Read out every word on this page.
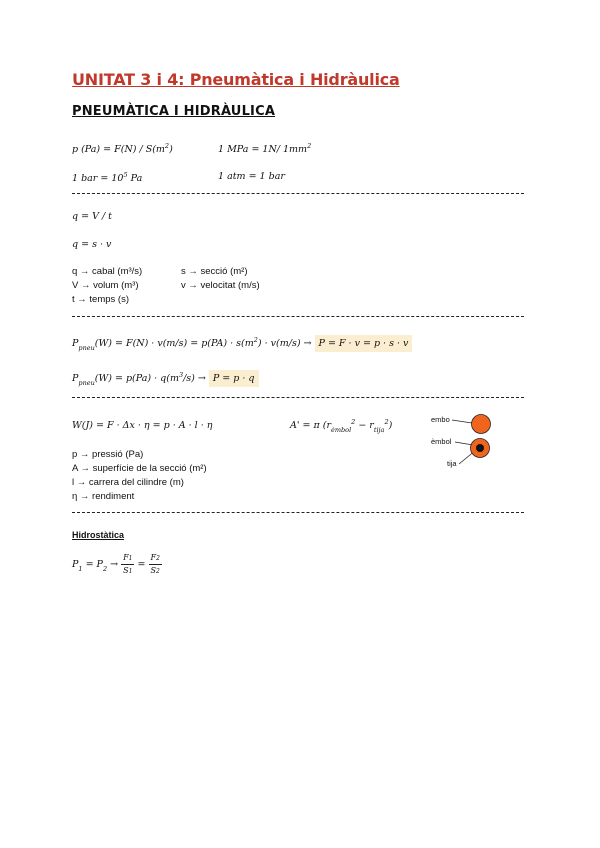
UNITAT 3 i 4: Pneumàtica i Hidràulica
PNEUMÀTICA I HIDRÀULICA
p $(Pa) = F(N) / S(m^2)$	1 MPa = 1N/ $1mm^2$
1 bar = $10^5$ Pa	1 atm = 1 bar
q = V / t
q = s · v
q → cabal (m³/s)	s → secció (m²)
V → volum (m³)	v → velocitat (m/s)
t → temps (s)
$P_{pneu}(W) = F(N) \cdot v(m/s) = p(PA) \cdot s(m^2) \cdot v(m/s) \to P = F \cdot v = p \cdot s \cdot v$
$P_{pneu}(W) = p(Pa) \cdot q(m^3/s) \to P = p \cdot q$
W(J) = F · Δx · η = p · A · l · η	A' = π $(r_{èmbol}^2 - r_{tija}^2)$
p → pressió (Pa)
A → superfície de la secció (m²)
l → carrera del cilindre (m)
η → rendiment
embo
èmbol
tija
Hidrostàtica
$P_1 = P_2 \to \frac{F1}{S1} = \frac{F2}{S2}$
